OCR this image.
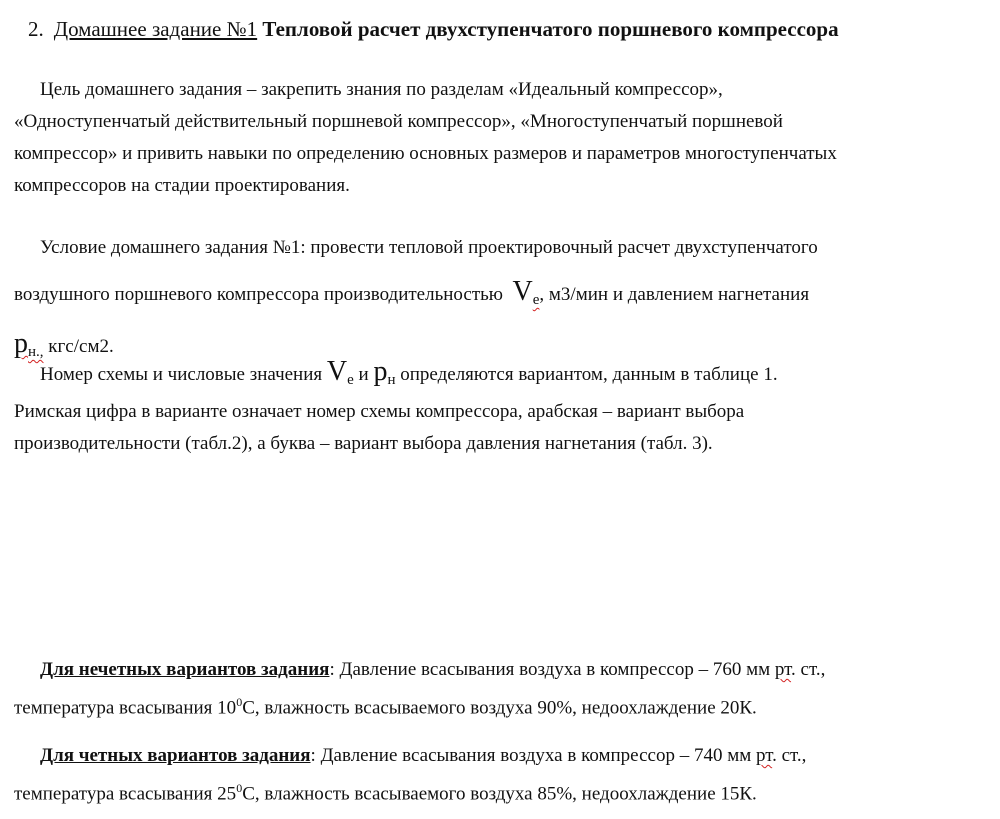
2. Домашнее задание №1 Тепловой расчет двухступенчатого поршневого компрессора

Цель домашнего задания – закрепить знания по разделам «Идеальный компрессор»,
«Одноступенчатый действительный поршневой компрессор», «Многоступенчатый поршневой
компрессор» и привить навыки по определению основных размеров и параметров многоступенчатых
компрессоров на стадии проектирования.

Условие домашнего задания №1: провести тепловой проектировочный расчет двухступенчатого
воздушного поршневого компрессора производительностью $V_е$, м3/мин и давлением нагнетания
$p_{н.,}$ кгс/см2.

Номер схемы и числовые значения $V_е$ и $p_н$ определяются вариантом, данным в таблице 1.
Римская цифра в варианте означает номер схемы компрессора, арабская – вариант выбора
производительности (табл.2), а буква – вариант выбора давления нагнетания (табл. 3).

Для нечетных вариантов задания: Давление всасывания воздуха в компрессор – 760 мм рт. ст.,
температура всасывания $10^0С$, влажность всасываемого воздуха 90%, недоохлаждение 20К.

Для четных вариантов задания: Давление всасывания воздуха в компрессор – 740 мм рт. ст.,
температура всасывания $25^0С$, влажность всасываемого воздуха 85%, недоохлаждение 15К.
